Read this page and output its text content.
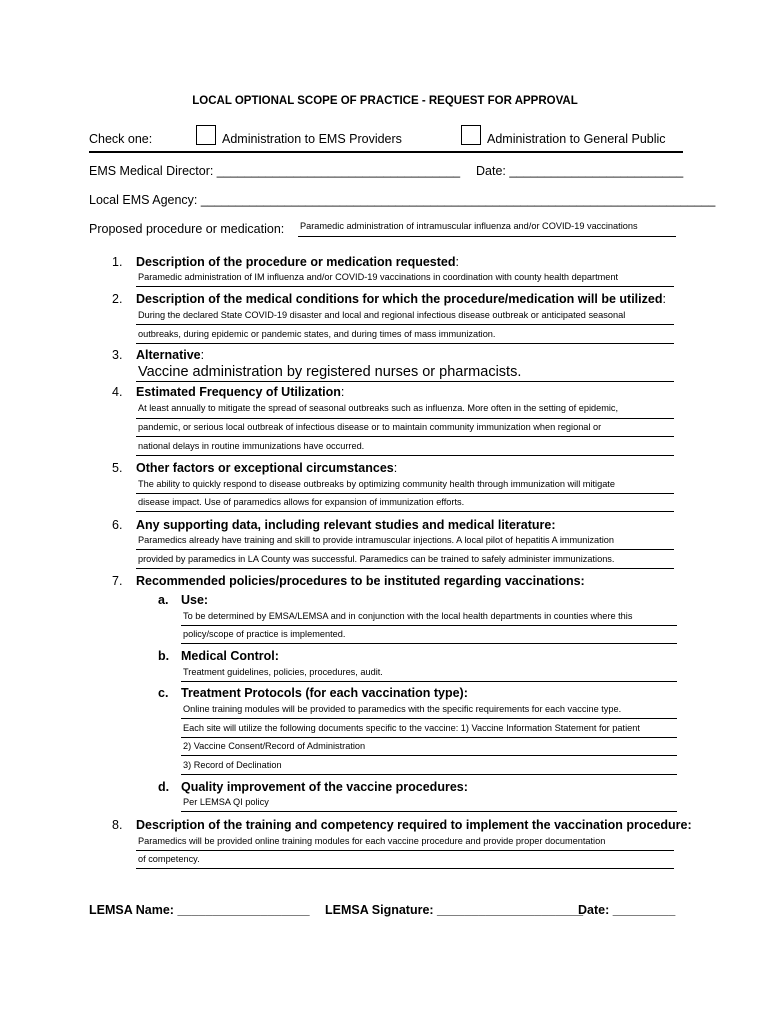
LOCAL OPTIONAL SCOPE OF PRACTICE - REQUEST FOR APPROVAL
Check one:	Administration to EMS Providers	Administration to General Public
EMS Medical Director: ___________________________________ Date: _________________________
Local EMS Agency: __________________________________________________________________________
Proposed procedure or medication: Paramedic administration of intramuscular influenza and/or COVID-19 vaccinations
1. Description of the procedure or medication requested:
Paramedic administration of IM influenza and/or COVID-19 vaccinations in coordination with county health department
2. Description of the medical conditions for which the procedure/medication will be utilized:
During the declared State COVID-19 disaster and local and regional infectious disease outbreak or anticipated seasonal
outbreaks, during epidemic or pandemic states, and during times of mass immunization.
3. Alternative:
Vaccine administration by registered nurses or pharmacists.
4. Estimated Frequency of Utilization:
At least annually to mitigate the spread of seasonal outbreaks such as influenza. More often in the setting of epidemic,
pandemic, or serious local outbreak of infectious disease or to maintain community immunization when regional or
national delays in routine immunizations have occurred.
5. Other factors or exceptional circumstances:
The ability to quickly respond to disease outbreaks by optimizing community health through immunization will mitigate
disease impact. Use of paramedics allows for expansion of immunization efforts.
6. Any supporting data, including relevant studies and medical literature:
Paramedics already have training and skill to provide intramuscular injections. A local pilot of hepatitis A immunization
provided by paramedics in LA County was successful. Paramedics can be trained to safely administer immunizations.
7. Recommended policies/procedures to be instituted regarding vaccinations:
a. Use:
To be determined by EMSA/LEMSA and in conjunction with the local health departments in counties where this
policy/scope of practice is implemented.
b. Medical Control:
Treatment guidelines, policies, procedures, audit.
c. Treatment Protocols (for each vaccination type):
Online training modules will be provided to paramedics with the specific requirements for each vaccine type.
Each site will utilize the following documents specific to the vaccine: 1) Vaccine Information Statement for patient
2) Vaccine Consent/Record of Administration
3) Record of Declination
d. Quality improvement of the vaccine procedures:
Per LEMSA QI policy
8. Description of the training and competency required to implement the vaccination procedure:
Paramedics will be provided online training modules for each vaccine procedure and provide proper documentation
of competency.
LEMSA Name: ___________________ LEMSA Signature: _____________________
Date: _________
